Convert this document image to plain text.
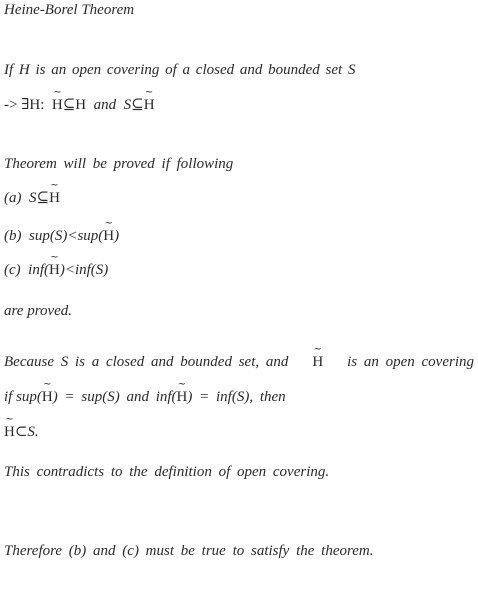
Heine-Borel Theorem
If H is an open covering of a closed and bounded set S
-> ∃H: ∼ H⊆H and S⊆∼ H
Theorem will be proved if following
(a) S⊆∼ H
(b) sup(S)<sup(∼ H)
(c) inf(∼ H)<inf(S)
are proved.
Because S is a closed and bounded set, and ∼ H is an open covering
if sup(∼ H) = sup(S) and inf(∼ H) = inf(S), then
∼ H⊂S.
This contradicts to the definition of open covering.
Therefore (b) and (c) must be true to satisfy the theorem.
